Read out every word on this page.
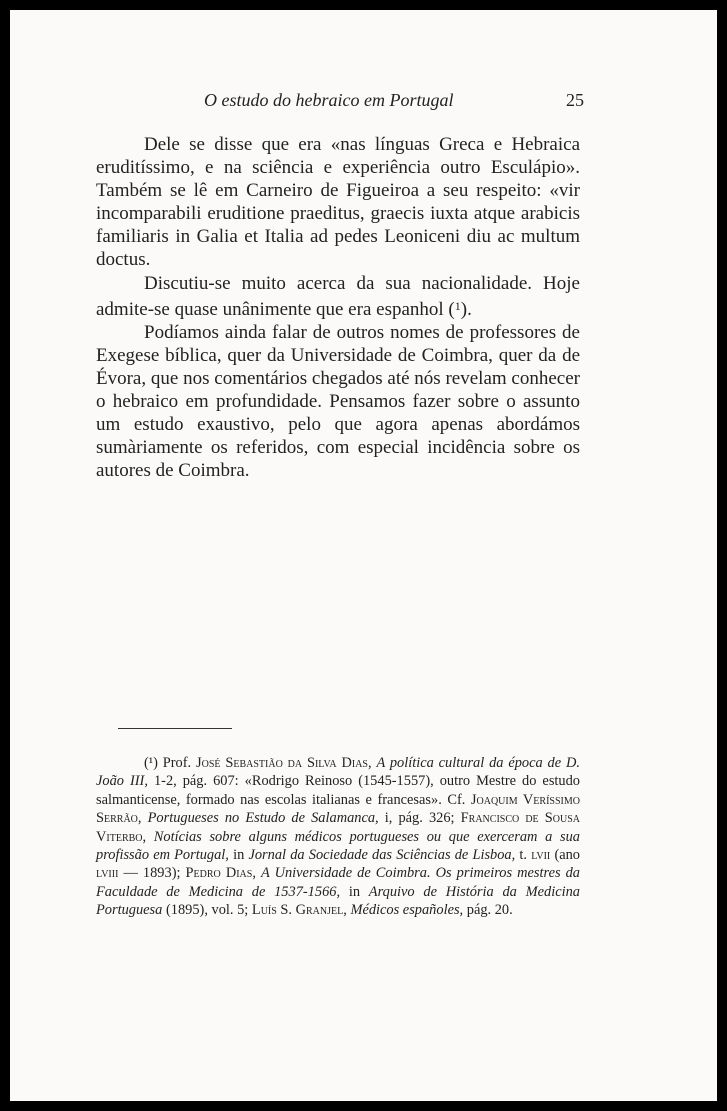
O estudo do hebraico em Portugal	25

Dele se disse que era «nas línguas Greca e Hebraica eruditíssimo, e na sciência e experiência outro Esculápio». Também se lê em Carneiro de Figueiroa a seu respeito: «vir incomparabili eruditione praeditus, graecis iuxta atque arabicis familiaris in Galia et Italia ad pedes Leoniceni diu ac multum doctus.

Discutiu-se muito acerca da sua nacionalidade. Hoje admite-se quase unânimente que era espanhol ($^1$).

Podíamos ainda falar de outros nomes de professores de Exegese bíblica, quer da Universidade de Coimbra, quer da de Évora, que nos comentários chegados até nós revelam conhecer o hebraico em profundidade. Pensamos fazer sobre o assunto um estudo exaustivo, pelo que agora apenas abordámos sumàriamente os referidos, com especial incidência sobre os autores de Coimbra.

(¹) Prof. José Sebastião da Silva Dias, A política cultural da época de D. João III, 1-2, pág. 607: «Rodrigo Reinoso (1545-1557), outro Mestre do estudo salmanticense, formado nas escolas italianas e francesas». Cf. Joaquim Veríssimo Serrão, Portugueses no Estudo de Salamanca, i, pág. 326; Francisco de Sousa Viterbo, Notícias sobre alguns médicos portugueses ou que exerceram a sua profissão em Portugal, in Jornal da Sociedade das Sciências de Lisboa, t. lvii (ano lviii — 1893); Pedro Dias, A Universidade de Coimbra. Os primeiros mestres da Faculdade de Medicina de 1537-1566, in Arquivo de História da Medicina Portuguesa (1895), vol. 5; Luís S. Granjel, Médicos españoles, pág. 20.
